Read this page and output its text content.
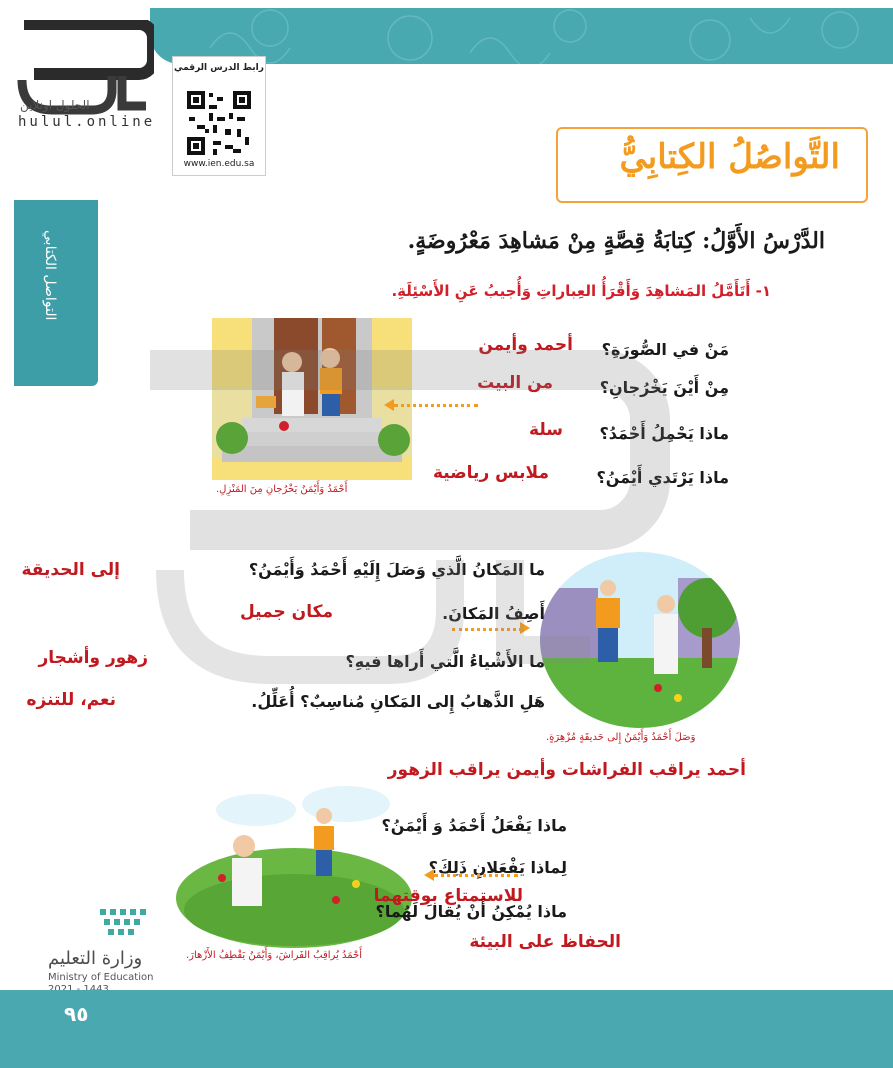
الحلول اونلاين
hulul.online
رابط الدرس الرقمي
www.ien.edu.sa	التَّواصُلُ الكِتابِيُّ
التواصل الكتابي	الدَّرْسُ الأَوَّلُ: كِتابَةُ قِصَّةٍ مِنْ مَشاهِدَ مَعْرُوضَةٍ.
١- أَتَأَمَّلُ المَشاهِدَ وَأَقْرَأُ العِباراتِ وَأُجيبُ عَنِ الأَسْئِلَةِ.
أَحْمَدُ وَأَيْمَنُ يَخْرُجانِ مِنَ المَنْزِلِ.
مَنْ في الصُّورَةِ؟
أحمد وأيمن
مِنْ أَيْنَ يَخْرُجانِ؟
من البيت
ماذا يَحْمِلُ أَحْمَدُ؟
سلة
ماذا يَرْتَدي أَيْمَنُ؟
ملابس رياضية
وَصَلَ أَحْمَدُ وَأَيْمَنُ إِلى حَديقَةٍ مُزْهِرَةٍ.
ما المَكانُ الَّذي وَصَلَ إِلَيْهِ أَحْمَدُ وَأَيْمَنُ؟
إلى الحديقة
أَصِفُ المَكانَ.
مكان جميل
ما الأَشْياءُ الَّتي أَراها فيهِ؟
زهور وأشجار
هَلِ الذَّهابُ إِلى المَكانِ مُناسِبٌ؟ أُعَلِّلُ.
نعم، للتنزه
أحمد يراقب الفراشات وأيمن يراقب الزهور
أَحْمَدُ يُراقِبُ الفَراشَ، وَأَيْمَنُ يَقْطِفُ الأَزْهارَ.
ماذا يَفْعَلُ أَحْمَدُ وَ أَيْمَنُ؟
لِماذا يَفْعَلانِ ذَلِكَ؟
للاستمتاع بوقتهما
ماذا يُمْكِنُ أَنْ يُقالَ لَهُما؟
الحفاظ على البيئة
وزارة التعليم
Ministry of Education
٩٥
